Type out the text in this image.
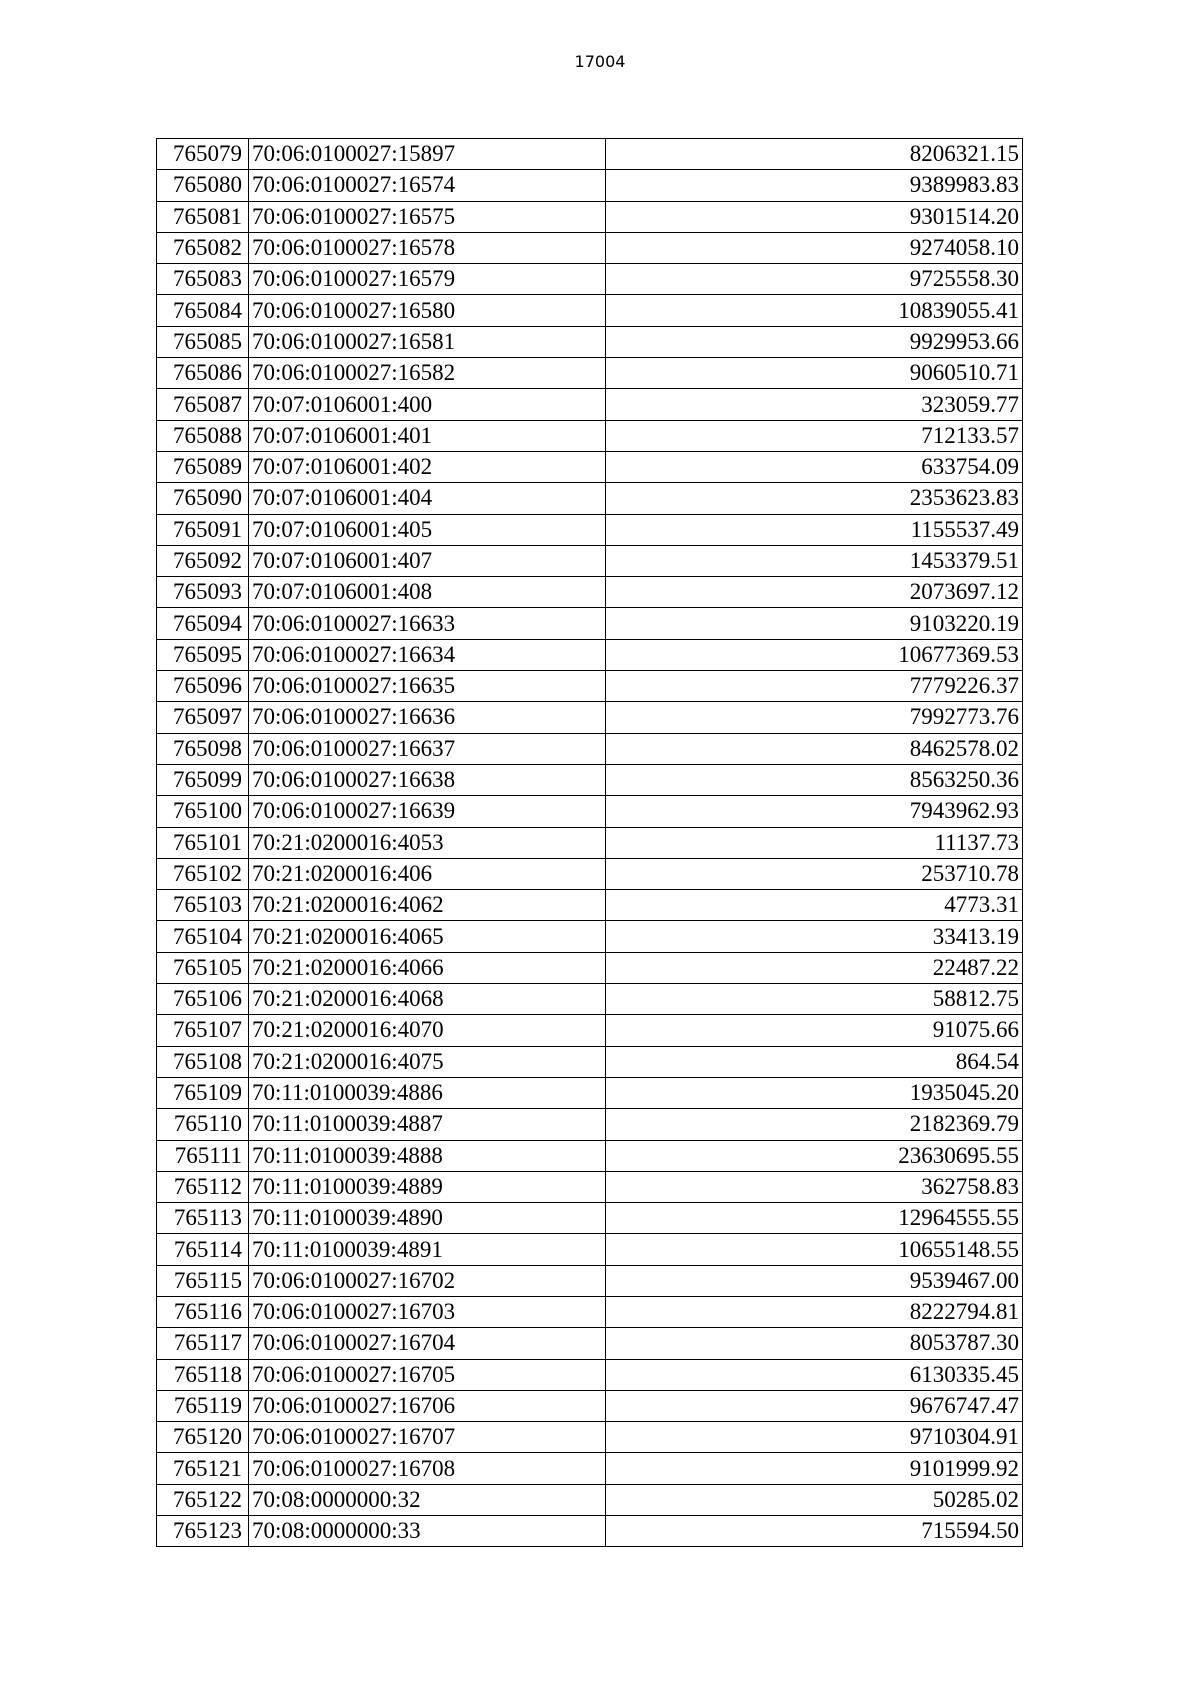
17004
765079	70:06:0100027:15897	8206321.15
765080	70:06:0100027:16574	9389983.83
765081	70:06:0100027:16575	9301514.20
765082	70:06:0100027:16578	9274058.10
765083	70:06:0100027:16579	9725558.30
765084	70:06:0100027:16580	10839055.41
765085	70:06:0100027:16581	9929953.66
765086	70:06:0100027:16582	9060510.71
765087	70:07:0106001:400	323059.77
765088	70:07:0106001:401	712133.57
765089	70:07:0106001:402	633754.09
765090	70:07:0106001:404	2353623.83
765091	70:07:0106001:405	1155537.49
765092	70:07:0106001:407	1453379.51
765093	70:07:0106001:408	2073697.12
765094	70:06:0100027:16633	9103220.19
765095	70:06:0100027:16634	10677369.53
765096	70:06:0100027:16635	7779226.37
765097	70:06:0100027:16636	7992773.76
765098	70:06:0100027:16637	8462578.02
765099	70:06:0100027:16638	8563250.36
765100	70:06:0100027:16639	7943962.93
765101	70:21:0200016:4053	11137.73
765102	70:21:0200016:406	253710.78
765103	70:21:0200016:4062	4773.31
765104	70:21:0200016:4065	33413.19
765105	70:21:0200016:4066	22487.22
765106	70:21:0200016:4068	58812.75
765107	70:21:0200016:4070	91075.66
765108	70:21:0200016:4075	864.54
765109	70:11:0100039:4886	1935045.20
765110	70:11:0100039:4887	2182369.79
765111	70:11:0100039:4888	23630695.55
765112	70:11:0100039:4889	362758.83
765113	70:11:0100039:4890	12964555.55
765114	70:11:0100039:4891	10655148.55
765115	70:06:0100027:16702	9539467.00
765116	70:06:0100027:16703	8222794.81
765117	70:06:0100027:16704	8053787.30
765118	70:06:0100027:16705	6130335.45
765119	70:06:0100027:16706	9676747.47
765120	70:06:0100027:16707	9710304.91
765121	70:06:0100027:16708	9101999.92
765122	70:08:0000000:32	50285.02
765123	70:08:0000000:33	715594.50
